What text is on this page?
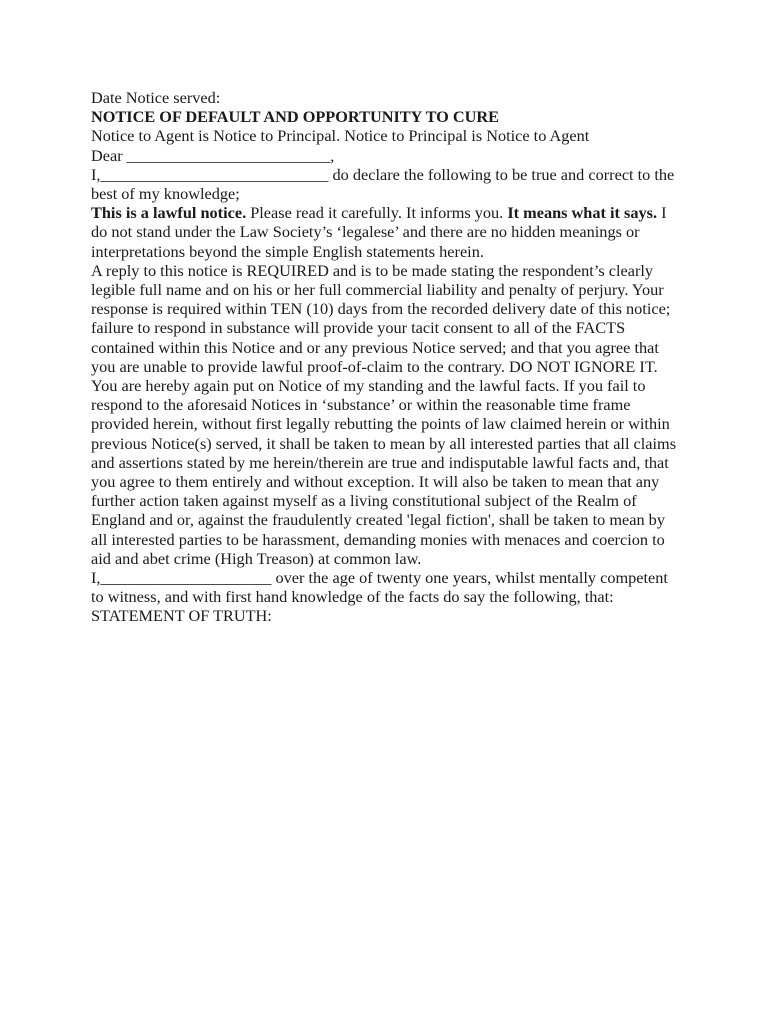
Date Notice served:

NOTICE OF DEFAULT AND OPPORTUNITY TO CURE

Notice to Agent is Notice to Principal. Notice to Principal is Notice to Agent

Dear _________________________,

I,____________________________ do declare the following to be true and correct to the best of my knowledge;

This is a lawful notice. Please read it carefully. It informs you. It means what it says. I do not stand under the Law Society’s ‘legalese’ and there are no hidden meanings or interpretations beyond the simple English statements herein.

A reply to this notice is REQUIRED and is to be made stating the respondent’s clearly legible full name and on his or her full commercial liability and penalty of perjury. Your response is required within TEN (10) days from the recorded delivery date of this notice; failure to respond in substance will provide your tacit consent to all of the FACTS contained within this Notice and or any previous Notice served; and that you agree that you are unable to provide lawful proof-of-claim to the contrary. DO NOT IGNORE IT.

You are hereby again put on Notice of my standing and the lawful facts. If you fail to respond to the aforesaid Notices in ‘substance’ or within the reasonable time frame provided herein, without first legally rebutting the points of law claimed herein or within previous Notice(s) served, it shall be taken to mean by all interested parties that all claims and assertions stated by me herein/therein are true and indisputable lawful facts and, that you agree to them entirely and without exception. It will also be taken to mean that any further action taken against myself as a living constitutional subject of the Realm of England and or, against the fraudulently created 'legal fiction', shall be taken to mean by all interested parties to be harassment, demanding monies with menaces and coercion to aid and abet crime (High Treason) at common law.

I,_____________________ over the age of twenty one years, whilst mentally competent to witness, and with first hand knowledge of the facts do say the following, that:

STATEMENT OF TRUTH:
